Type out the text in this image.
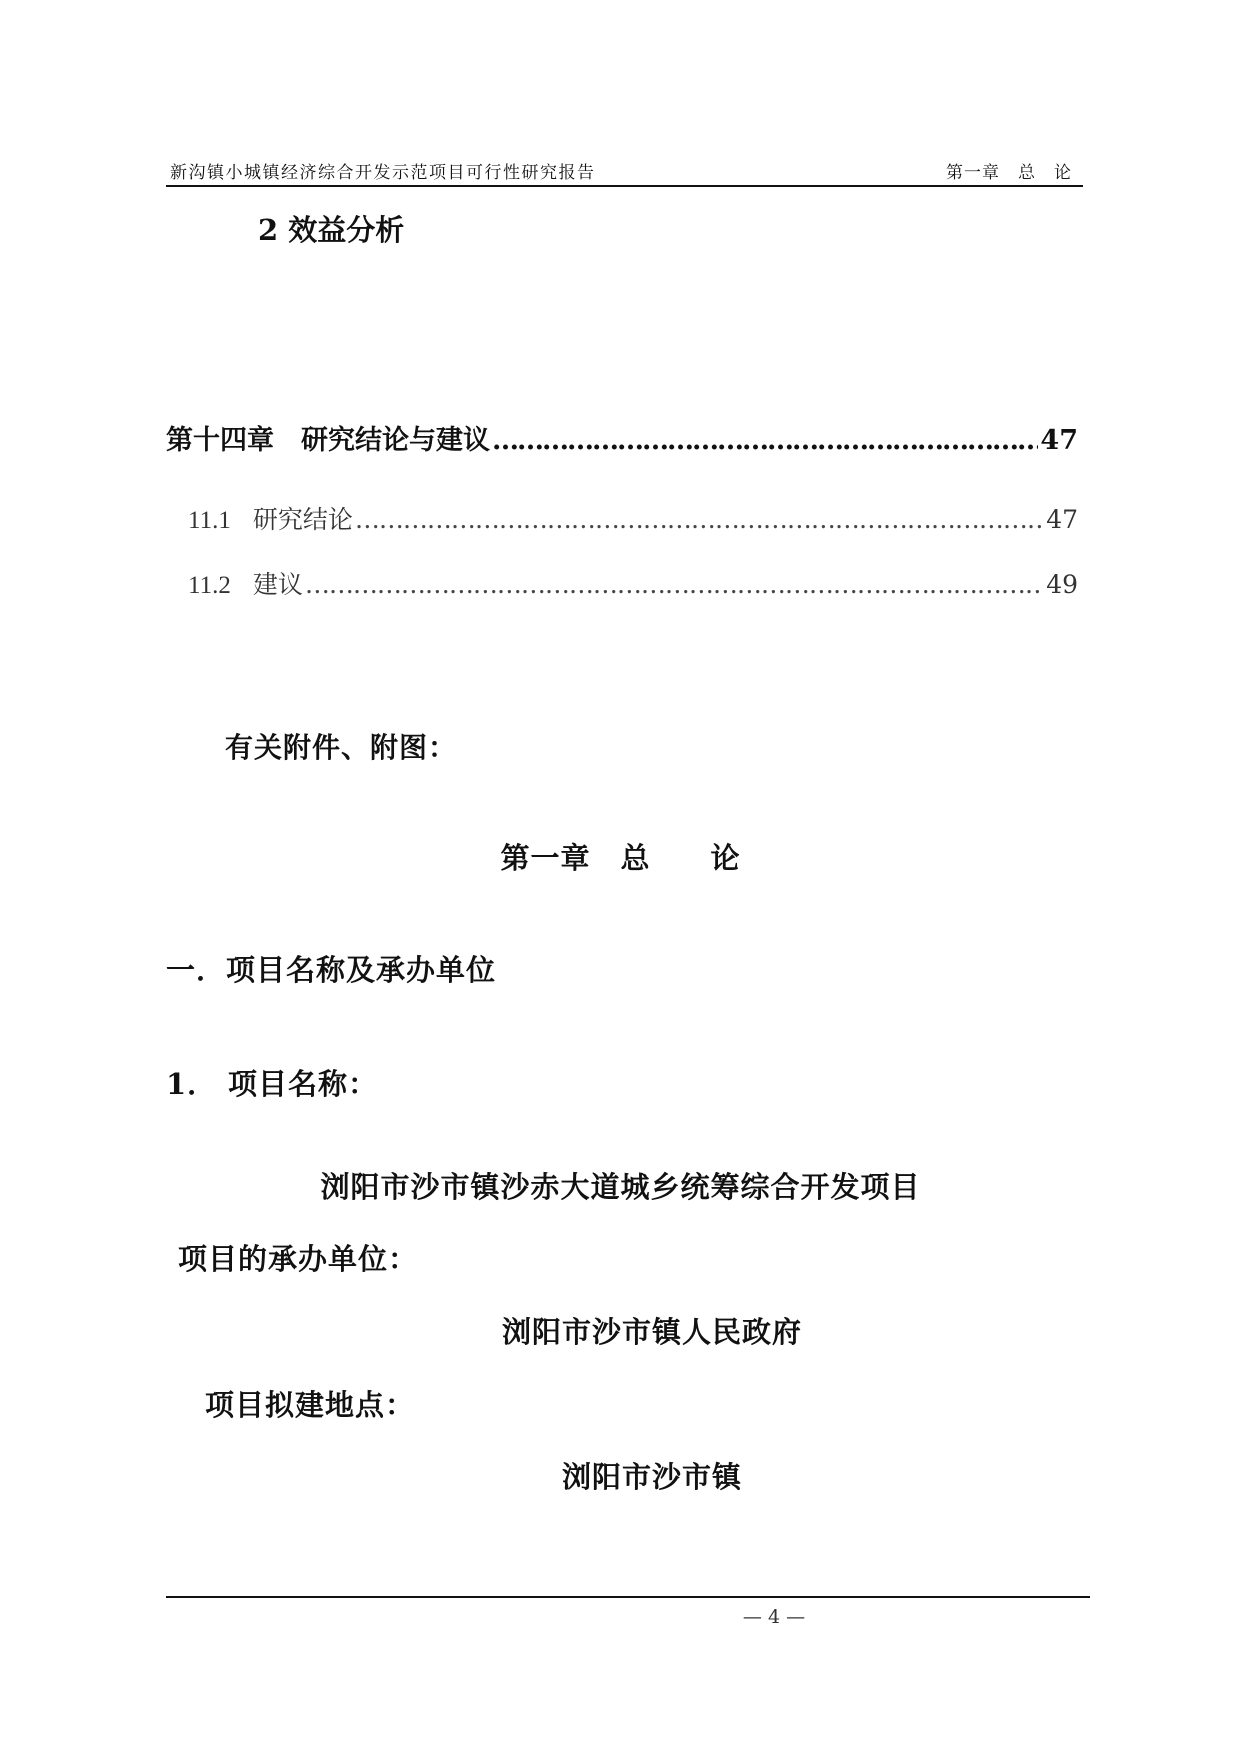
新沟镇小城镇经济综合开发示范项目可行性研究报告	第一章　总　论
2 效益分析
第十四章　研究结论与建议 …………………………………………………………………………………………………………………………………………………………………………………………………………………………………………………………	47
11.1 研究结论 …………………………………………………………………………………………………………………………………………………………………………………………………………………………………………………………	47
11.2 建议 …………………………………………………………………………………………………………………………………………………………………………………………………………………………………………………………	49
有关附件、附图：
第一章　总　　论
一．项目名称及承办单位
1． 项目名称：
浏阳市沙市镇沙赤大道城乡统筹综合开发项目
项目的承办单位：
浏阳市沙市镇人民政府
项目拟建地点：
浏阳市沙市镇
— 4 —
